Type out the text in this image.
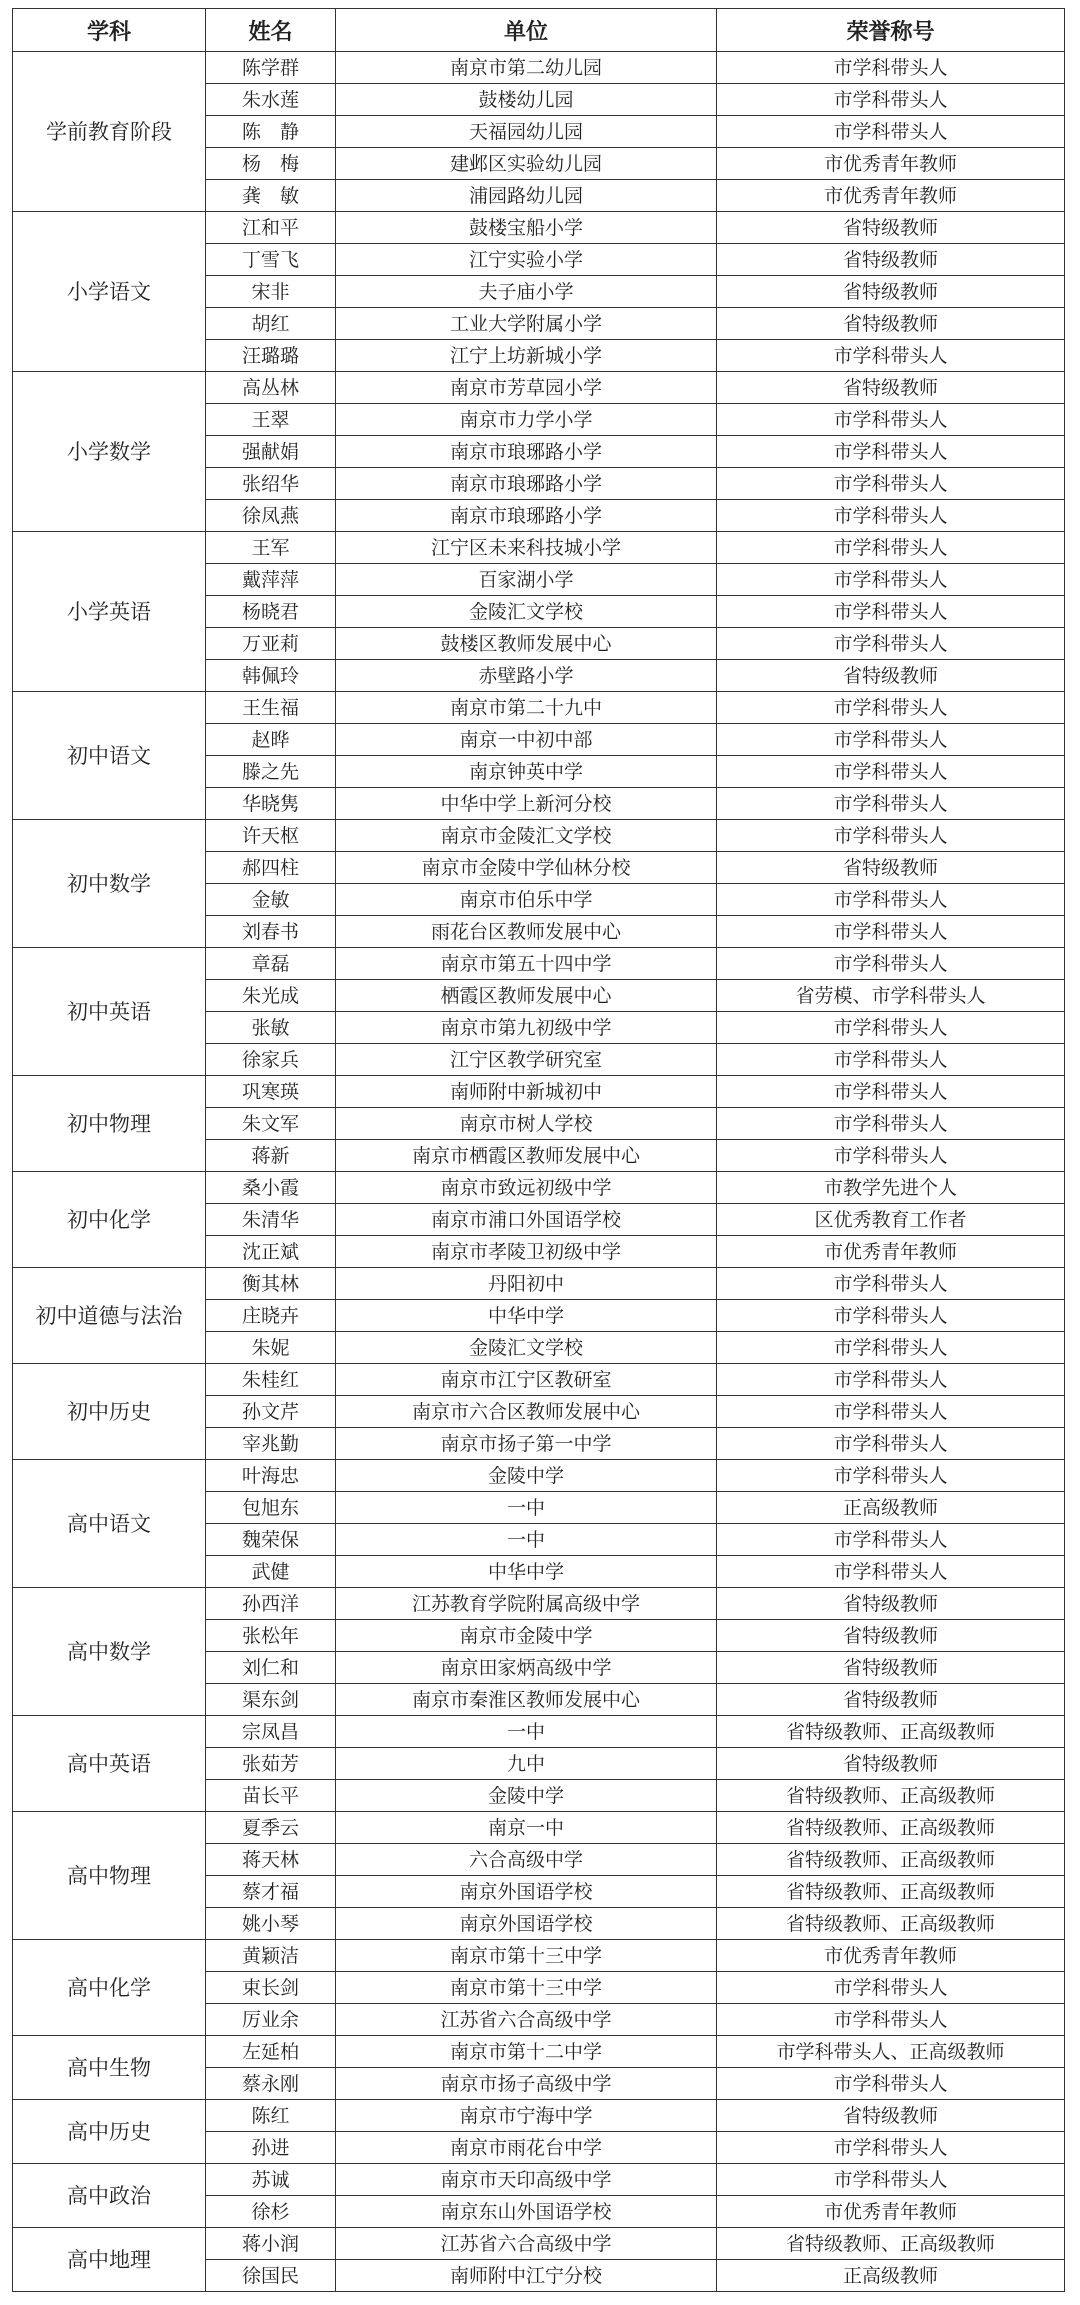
学科	姓名	单位	荣誉称号
学前教育阶段	陈学群	南京市第二幼儿园	市学科带头人
	朱水莲	鼓楼幼儿园	市学科带头人
	陈　静	天福园幼儿园	市学科带头人
	杨　梅	建邺区实验幼儿园	市优秀青年教师
	龚　敏	浦园路幼儿园	市优秀青年教师
小学语文	江和平	鼓楼宝船小学	省特级教师
	丁雪飞	江宁实验小学	省特级教师
	宋非	夫子庙小学	省特级教师
	胡红	工业大学附属小学	省特级教师
	汪璐璐	江宁上坊新城小学	市学科带头人
小学数学	高丛林	南京市芳草园小学	省特级教师
	王翠	南京市力学小学	市学科带头人
	强献娟	南京市琅琊路小学	市学科带头人
	张绍华	南京市琅琊路小学	市学科带头人
	徐凤燕	南京市琅琊路小学	市学科带头人
小学英语	王军	江宁区未来科技城小学	市学科带头人
	戴萍萍	百家湖小学	市学科带头人
	杨晓君	金陵汇文学校	市学科带头人
	万亚莉	鼓楼区教师发展中心	市学科带头人
	韩佩玲	赤壁路小学	省特级教师
初中语文	王生福	南京市第二十九中	市学科带头人
	赵晔	南京一中初中部	市学科带头人
	滕之先	南京钟英中学	市学科带头人
	华晓隽	中华中学上新河分校	市学科带头人
初中数学	许天枢	南京市金陵汇文学校	市学科带头人
	郝四柱	南京市金陵中学仙林分校	省特级教师
	金敏	南京市伯乐中学	市学科带头人
	刘春书	雨花台区教师发展中心	市学科带头人
初中英语	章磊	南京市第五十四中学	市学科带头人
	朱光成	栖霞区教师发展中心	省劳模、市学科带头人
	张敏	南京市第九初级中学	市学科带头人
	徐家兵	江宁区教学研究室	市学科带头人
初中物理	巩寒瑛	南师附中新城初中	市学科带头人
	朱文军	南京市树人学校	市学科带头人
	蒋新	南京市栖霞区教师发展中心	市学科带头人
初中化学	桑小霞	南京市致远初级中学	市教学先进个人
	朱清华	南京市浦口外国语学校	区优秀教育工作者
	沈正斌	南京市孝陵卫初级中学	市优秀青年教师
初中道德与法治	衡其林	丹阳初中	市学科带头人
	庄晓卉	中华中学	市学科带头人
	朱妮	金陵汇文学校	市学科带头人
初中历史	朱桂红	南京市江宁区教研室	市学科带头人
	孙文芹	南京市六合区教师发展中心	市学科带头人
	宰兆勤	南京市扬子第一中学	市学科带头人
高中语文	叶海忠	金陵中学	市学科带头人
	包旭东	一中	正高级教师
	魏荣保	一中	市学科带头人
	武健	中华中学	市学科带头人
高中数学	孙西洋	江苏教育学院附属高级中学	省特级教师
	张松年	南京市金陵中学	省特级教师
	刘仁和	南京田家炳高级中学	省特级教师
	渠东剑	南京市秦淮区教师发展中心	省特级教师
高中英语	宗凤昌	一中	省特级教师、正高级教师
	张茹芳	九中	省特级教师
	苗长平	金陵中学	省特级教师、正高级教师
高中物理	夏季云	南京一中	省特级教师、正高级教师
	蒋天林	六合高级中学	省特级教师、正高级教师
	蔡才福	南京外国语学校	省特级教师、正高级教师
	姚小琴	南京外国语学校	省特级教师、正高级教师
高中化学	黄颖洁	南京市第十三中学	市优秀青年教师
	束长剑	南京市第十三中学	市学科带头人
	厉业余	江苏省六合高级中学	市学科带头人
高中生物	左延柏	南京市第十二中学	市学科带头人、正高级教师
	蔡永刚	南京市扬子高级中学	市学科带头人
高中历史	陈红	南京市宁海中学	省特级教师
	孙进	南京市雨花台中学	市学科带头人
高中政治	苏诚	南京市天印高级中学	市学科带头人
	徐杉	南京东山外国语学校	市优秀青年教师
高中地理	蒋小润	江苏省六合高级中学	省特级教师、正高级教师
	徐国民	南师附中江宁分校	正高级教师
